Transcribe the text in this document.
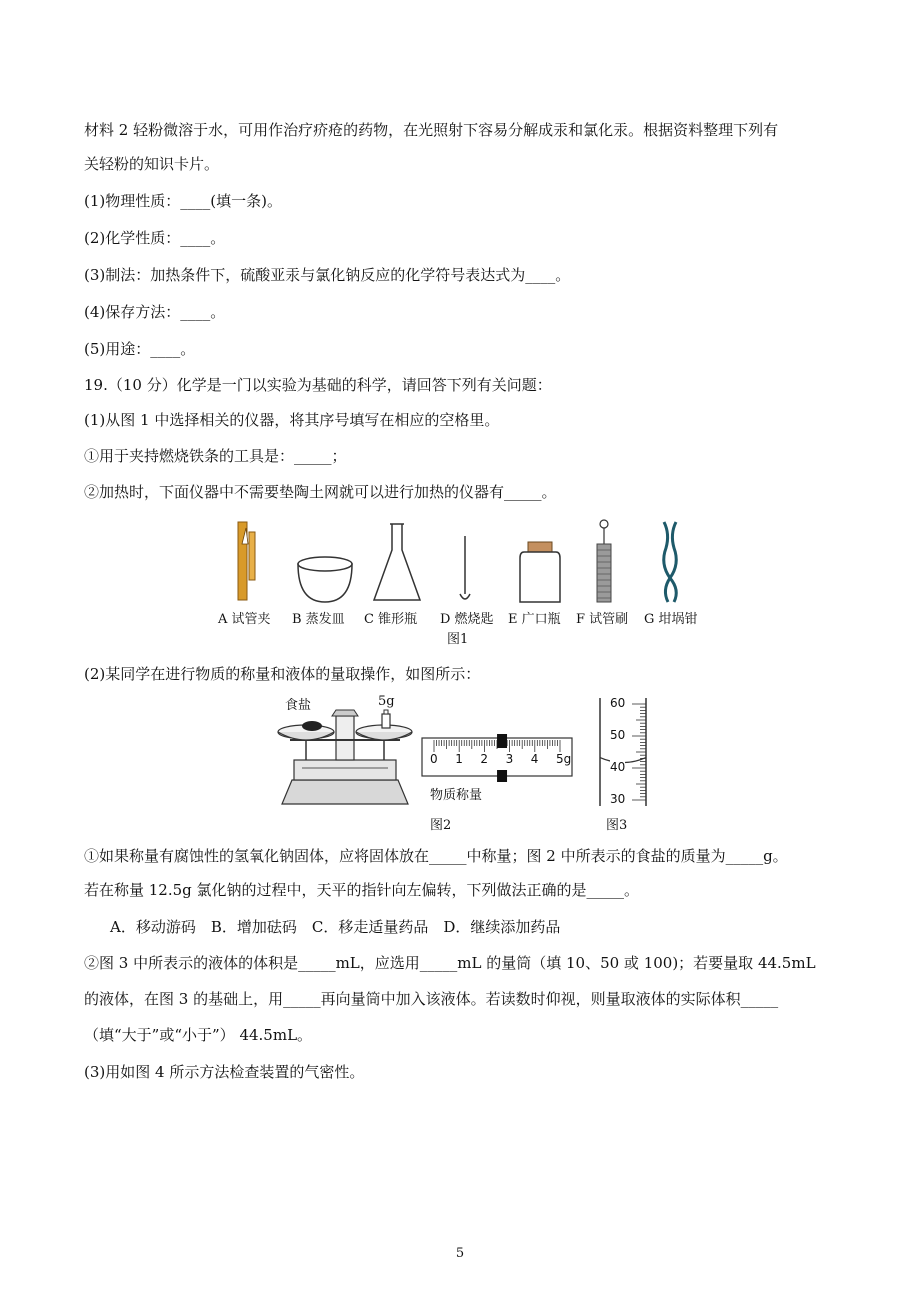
材料 2 轻粉微溶于水，可用作治疗疥疮的药物，在光照射下容易分解成汞和氯化汞。根据资料整理下列有
关轻粉的知识卡片。
(1)物理性质：____(填一条)。
(2)化学性质：____。
(3)制法：加热条件下，硫酸亚汞与氯化钠反应的化学符号表达式为____。
(4)保存方法：____。
(5)用途：____。
19.（10 分）化学是一门以实验为基础的科学，请回答下列有关问题：
(1)从图 1 中选择相关的仪器，将其序号填写在相应的空格里。
①用于夹持燃烧铁条的工具是：_____；
②加热时，下面仪器中不需要垫陶土网就可以进行加热的仪器有_____。
A 试管夹 B 蒸发皿 C 锥形瓶 D 燃烧匙 E 广口瓶 F 试管刷 G 坩埚钳
图1
(2)某同学在进行物质的称量和液体的量取操作，如图所示：
食盐	5g
0 1 2 3 4 5g
物质称量
图2
60
50
40
30
图3
①如果称量有腐蚀性的氢氧化钠固体，应将固体放在_____中称量；图 2 中所表示的食盐的质量为_____g。
若在称量 12.5g 氯化钠的过程中，天平的指针向左偏转，下列做法正确的是_____。
A．移动游码　B．增加砝码　C．移走适量药品　D．继续添加药品
②图 3 中所表示的液体的体积是_____mL，应选用_____mL 的量筒（填 10、50 或 100)；若要量取 44.5mL
的液体，在图 3 的基础上，用_____再向量筒中加入该液体。若读数时仰视，则量取液体的实际体积_____
（填“大于”或“小于”） 44.5mL。
(3)用如图 4 所示方法检查装置的气密性。
5
